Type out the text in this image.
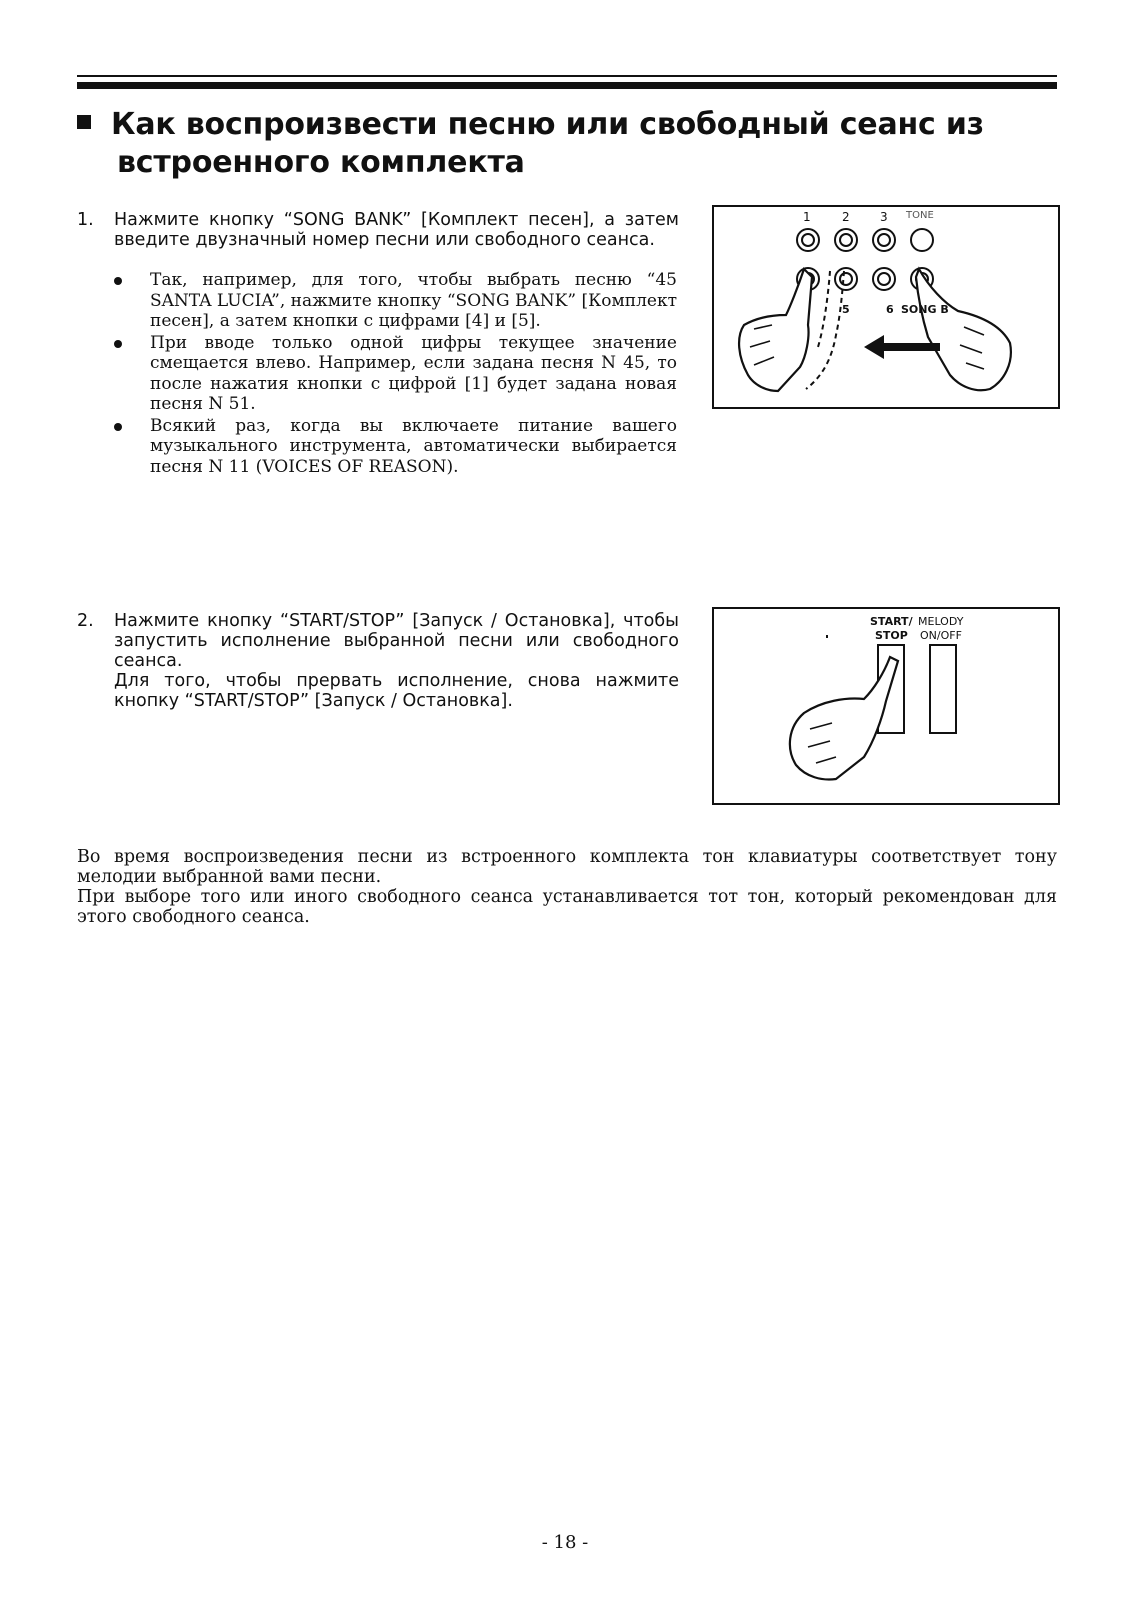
Как воспроизвести песню или свободный сеанс из
встроенного комплекта
1. Нажмите кнопку “SONG BANK” [Комплект песен], а затем введите двузначный номер песни или свободного сеанса.

Так, например, для того, чтобы выбрать песню “45 SANTA LUCIA”, нажмите кнопку “SONG BANK” [Комплект песен], а затем кнопки с цифрами [4] и [5].
При вводе только одной цифры текущее значение смещается влево. Например, если задана песня N 45, то после нажатия кнопки с цифрой [1] будет задана новая песня N 51.
Всякий раз, когда вы включаете питание вашего музыкального инструмента, автоматически выбирается песня N 11 (VOICES OF REASON).
1	2	3 TONE
5	6 SONG B
2. Нажмите кнопку “START/STOP” [Запуск / Остановка], чтобы запустить исполнение выбранной песни или свободного сеанса.

Для того, чтобы прервать исполнение, снова нажмите кнопку “START/STOP” [Запуск / Остановка].

START/ MELODY
STOP ON/OFF

Во время воспроизведения песни из встроенного комплекта тон клавиатуры соответствует тону мелодии выбранной вами песни.

При выборе того или иного свободного сеанса устанавливается тот тон, который рекомендован для этого свободного сеанса.

- 18 -
